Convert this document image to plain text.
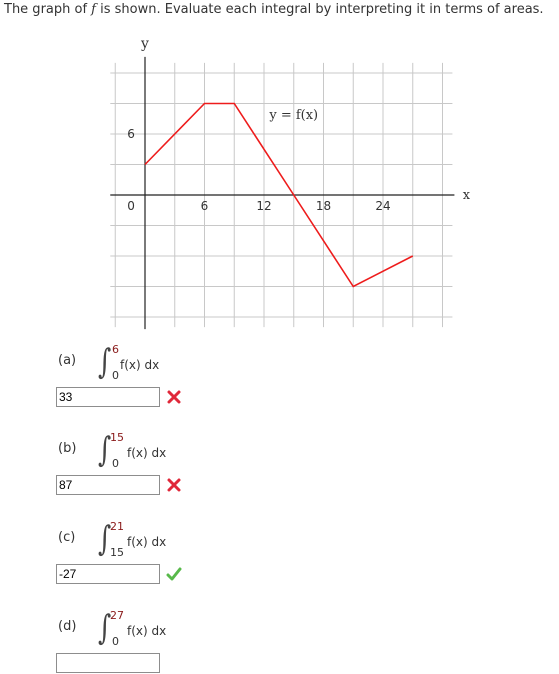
The graph of f is shown. Evaluate each integral by interpreting it in terms of areas.
y
x
0	6	12	18	24
6
y = f(x)
(a) ∫ 6
0
f(x) dx
33
(b) ∫
15
0
f(x) dx
87
(c) ∫
21
15
f(x) dx
-27
(d) ∫
27
0
f(x) dx
